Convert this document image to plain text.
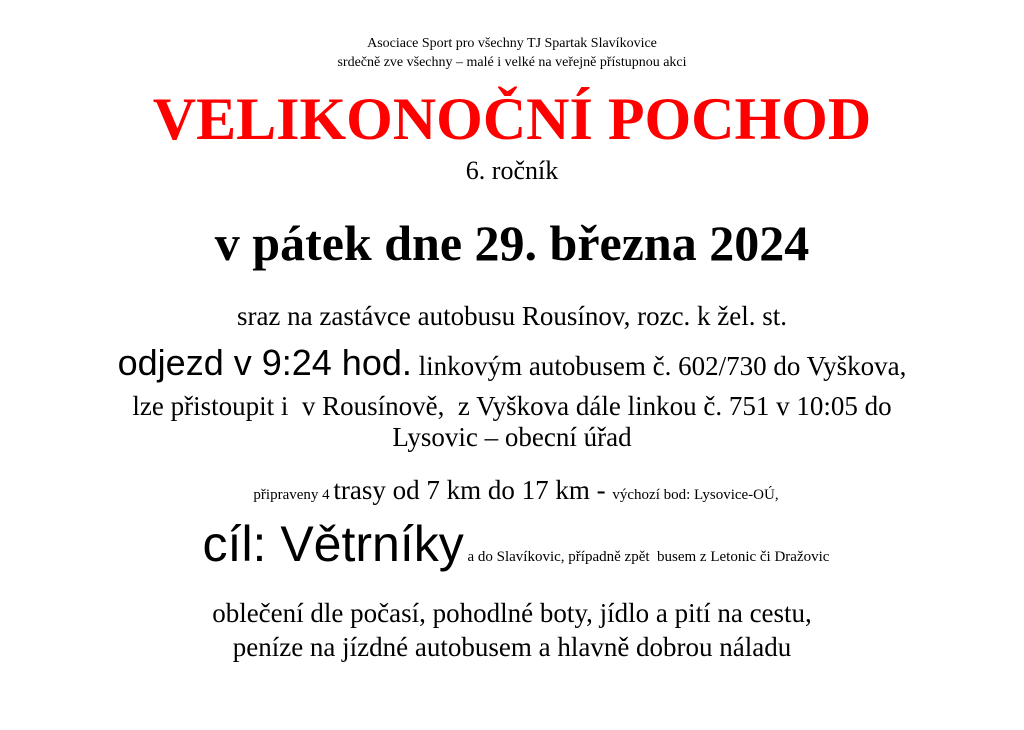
Asociace Sport pro všechny TJ Spartak Slavíkovice
srdečně zve všechny – malé i velké na veřejně přístupnou akci
VELIKONOČNÍ POCHOD
6. ročník
v pátek dne 29. března 2024
sraz na zastávce autobusu Rousínov, rozc. k žel. st.
odjezd v 9:24 hod. linkovým autobusem č. 602/730 do Vyškova,
lze přistoupit i  v Rousínově,  z Vyškova dále linkou č. 751 v 10:05 do
Lysovic – obecní úřad

připraveny 4 trasy od 7 km do 17 km - výchozí bod: Lysovice-OÚ,

cíl: Větrníky a do Slavíkovic, případně zpět  busem z Letonic či Dražovic

oblečení dle počasí, pohodlné boty, jídlo a pití na cestu,
peníze na jízdné autobusem a hlavně dobrou náladu
